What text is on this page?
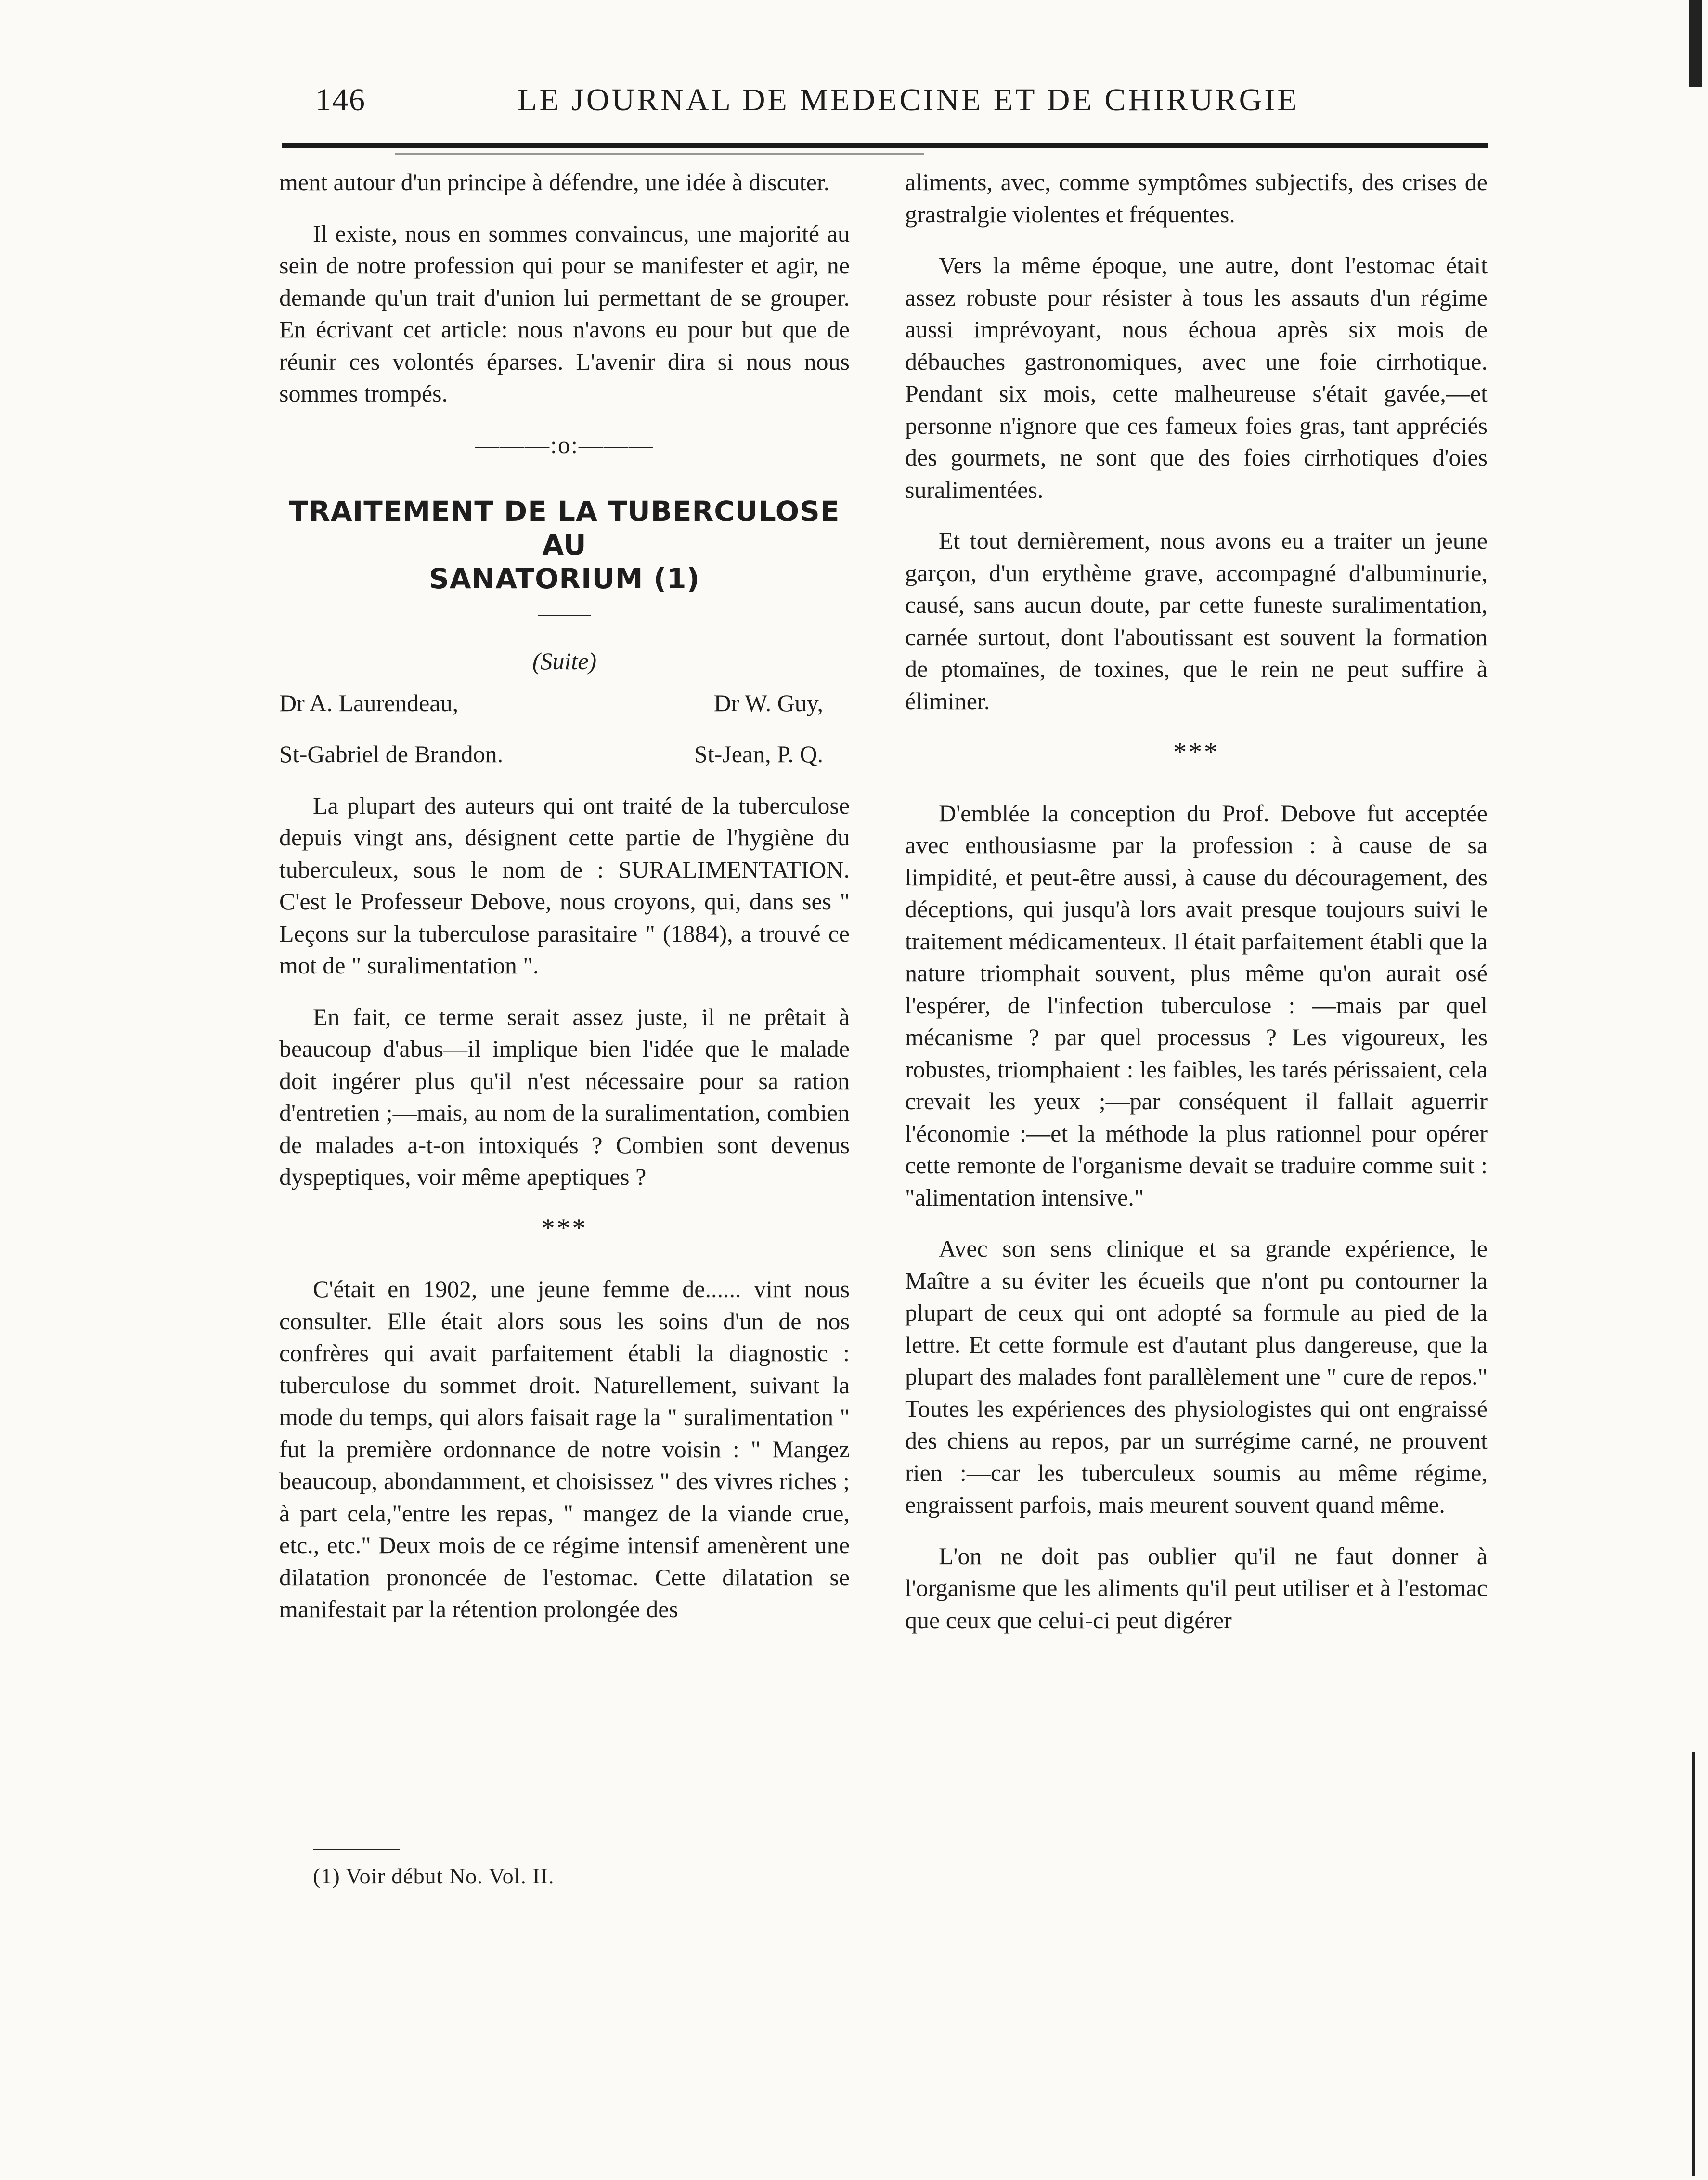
146	LE JOURNAL DE MEDECINE ET DE CHIRURGIE

ment autour d'un principe à défendre, une idée à discuter.

Il existe, nous en sommes convaincus, une majorité au sein de notre profession qui pour se manifester et agir, ne demande qu'un trait d'union lui permettant de se grouper. En écrivant cet article: nous n'avons eu pour but que de réunir ces volontés éparses. L'avenir dira si nous nous sommes trompés.

———:o:———
TRAITEMENT DE LA TUBERCULOSE AU
SANATORIUM (1)
(Suite)
Dr A. Laurendeau,	Dr W. Guy,
St-Gabriel de Brandon.	St-Jean, P. Q.

La plupart des auteurs qui ont traité de la tuberculose depuis vingt ans, désignent cette partie de l'hygiène du tuberculeux, sous le nom de : SURALIMENTATION. C'est le Professeur Debove, nous croyons, qui, dans ses " Leçons sur la tuberculose parasitaire " (1884), a trouvé ce mot de " suralimentation ".

En fait, ce terme serait assez juste, il ne prêtait à beaucoup d'abus—il implique bien l'idée que le malade doit ingérer plus qu'il n'est nécessaire pour sa ration d'entretien ;—mais, au nom de la suralimentation, combien de malades a-t-on intoxiqués ? Combien sont devenus dyspeptiques, voir même apeptiques ?

***

C'était en 1902, une jeune femme de...... vint nous consulter. Elle était alors sous les soins d'un de nos confrères qui avait parfaitement établi la diagnostic : tuberculose du sommet droit. Naturellement, suivant la mode du temps, qui alors faisait rage la " suralimentation " fut la première ordonnance de notre voisin : " Mangez beaucoup, abondamment, et choisissez " des vivres riches ; à part cela,"entre les repas, " mangez de la viande crue, etc., etc." Deux mois de ce régime intensif amenèrent une dilatation prononcée de l'estomac. Cette dilatation se manifestait par la rétention prolongée des

aliments, avec, comme symptômes subjectifs, des crises de grastralgie violentes et fréquentes.

Vers la même époque, une autre, dont l'estomac était assez robuste pour résister à tous les assauts d'un régime aussi imprévoyant, nous échoua après six mois de débauches gastronomiques, avec une foie cirrhotique. Pendant six mois, cette malheureuse s'était gavée,—et personne n'ignore que ces fameux foies gras, tant appréciés des gourmets, ne sont que des foies cirrhotiques d'oies suralimentées.

Et tout dernièrement, nous avons eu a traiter un jeune garçon, d'un erythème grave, accompagné d'albuminurie, causé, sans aucun doute, par cette funeste suralimentation, carnée surtout, dont l'aboutissant est souvent la formation de ptomaïnes, de toxines, que le rein ne peut suffire à éliminer.

***

D'emblée la conception du Prof. Debove fut acceptée avec enthousiasme par la profession : à cause de sa limpidité, et peut-être aussi, à cause du découragement, des déceptions, qui jusqu'à lors avait presque toujours suivi le traitement médicamenteux. Il était parfaitement établi que la nature triomphait souvent, plus même qu'on aurait osé l'espérer, de l'infection tuberculose : —mais par quel mécanisme ? par quel processus ? Les vigoureux, les robustes, triomphaient : les faibles, les tarés périssaient, cela crevait les yeux ;—par conséquent il fallait aguerrir l'économie :—et la méthode la plus rationnel pour opérer cette remonte de l'organisme devait se traduire comme suit : "alimentation intensive."

Avec son sens clinique et sa grande expérience, le Maître a su éviter les écueils que n'ont pu contourner la plupart de ceux qui ont adopté sa formule au pied de la lettre. Et cette formule est d'autant plus dangereuse, que la plupart des malades font parallèlement une " cure de repos." Toutes les expériences des physiologistes qui ont engraissé des chiens au repos, par un surrégime carné, ne prouvent rien :—car les tuberculeux soumis au même régime, engraissent parfois, mais meurent souvent quand même.

L'on ne doit pas oublier qu'il ne faut donner à l'organisme que les aliments qu'il peut utiliser et à l'estomac que ceux que celui-ci peut digérer

(1) Voir début No. Vol. II.
